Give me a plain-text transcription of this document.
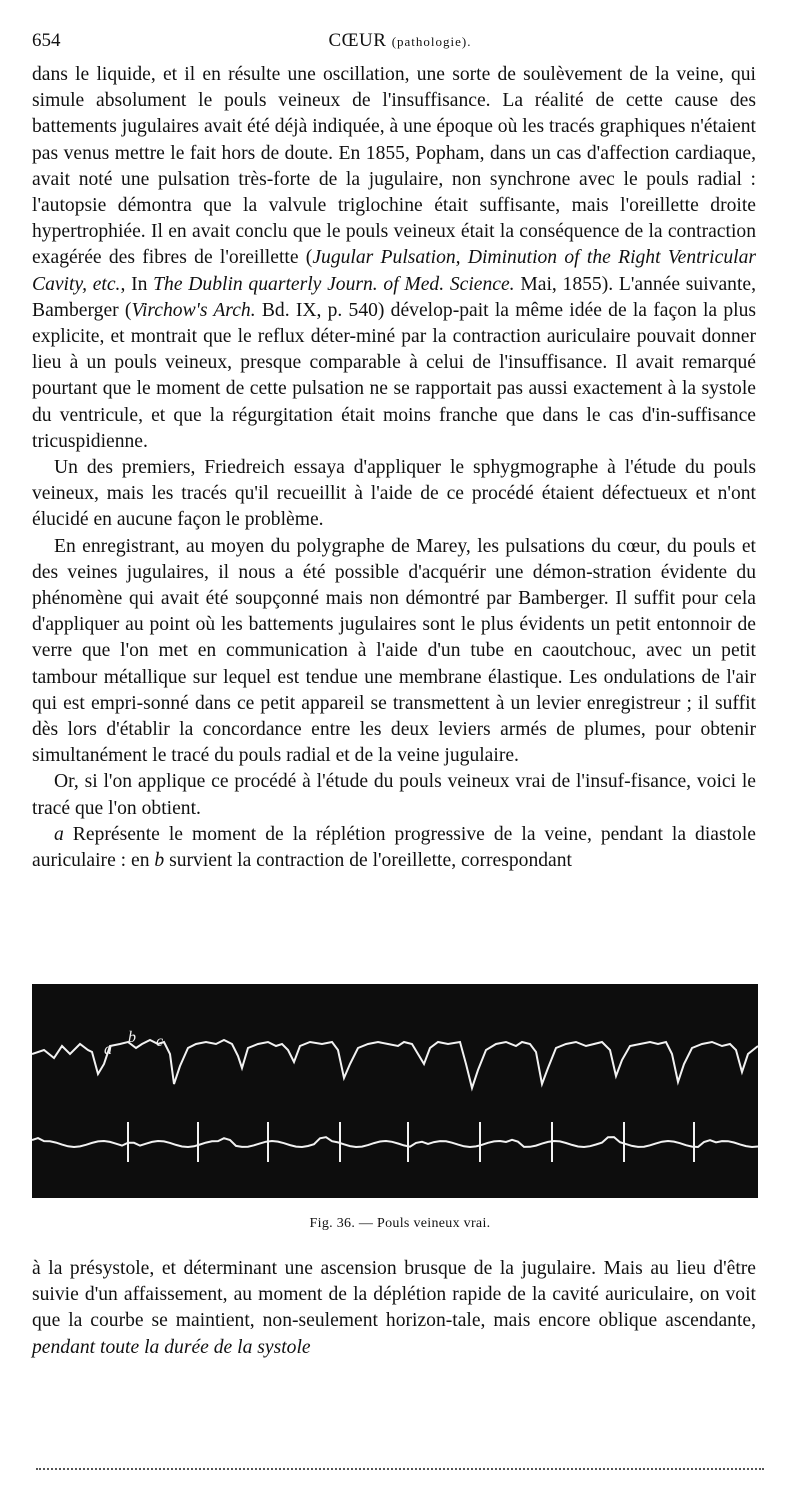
654	CŒUR (pathologie).

dans le liquide, et il en résulte une oscillation, une sorte de soulèvement de la veine, qui simule absolument le pouls veineux de l'insuffisance. La réalité de cette cause des battements jugulaires avait été déjà indiquée, à une époque où les tracés graphiques n'étaient pas venus mettre le fait hors de doute. En 1855, Popham, dans un cas d'affection cardiaque, avait noté une pulsation très-forte de la jugulaire, non synchrone avec le pouls radial : l'autopsie démontra que la valvule triglochine était suffisante, mais l'oreillette droite hypertrophiée. Il en avait conclu que le pouls veineux était la conséquence de la contraction exagérée des fibres de l'oreillette (Jugular Pulsation, Diminution of the Right Ventricular Cavity, etc., In The Dublin quarterly Journ. of Med. Science. Mai, 1855). L'année suivante, Bamberger (Virchow's Arch. Bd. IX, p. 540) dévelop-pait la même idée de la façon la plus explicite, et montrait que le reflux déter-miné par la contraction auriculaire pouvait donner lieu à un pouls veineux, presque comparable à celui de l'insuffisance. Il avait remarqué pourtant que le moment de cette pulsation ne se rapportait pas aussi exactement à la systole du ventricule, et que la régurgitation était moins franche que dans le cas d'in-suffisance tricuspidienne.

Un des premiers, Friedreich essaya d'appliquer le sphygmographe à l'étude du pouls veineux, mais les tracés qu'il recueillit à l'aide de ce procédé étaient défectueux et n'ont élucidé en aucune façon le problème.

En enregistrant, au moyen du polygraphe de Marey, les pulsations du cœur, du pouls et des veines jugulaires, il nous a été possible d'acquérir une démon-stration évidente du phénomène qui avait été soupçonné mais non démontré par Bamberger. Il suffit pour cela d'appliquer au point où les battements jugulaires sont le plus évidents un petit entonnoir de verre que l'on met en communication à l'aide d'un tube en caoutchouc, avec un petit tambour métallique sur lequel est tendue une membrane élastique. Les ondulations de l'air qui est empri-sonné dans ce petit appareil se transmettent à un levier enregistreur ; il suffit dès lors d'établir la concordance entre les deux leviers armés de plumes, pour obtenir simultanément le tracé du pouls radial et de la veine jugulaire.

Or, si l'on applique ce procédé à l'étude du pouls veineux vrai de l'insuf-fisance, voici le tracé que l'on obtient.

a Représente le moment de la réplétion progressive de la veine, pendant la diastole auriculaire : en b survient la contraction de l'oreillette, correspondant

a
b c
Fig. 36. — Pouls veineux vrai.

à la présystole, et déterminant une ascension brusque de la jugulaire. Mais au lieu d'être suivie d'un affaissement, au moment de la déplétion rapide de la cavité auriculaire, on voit que la courbe se maintient, non-seulement horizon-tale, mais encore oblique ascendante, pendant toute la durée de la systole
